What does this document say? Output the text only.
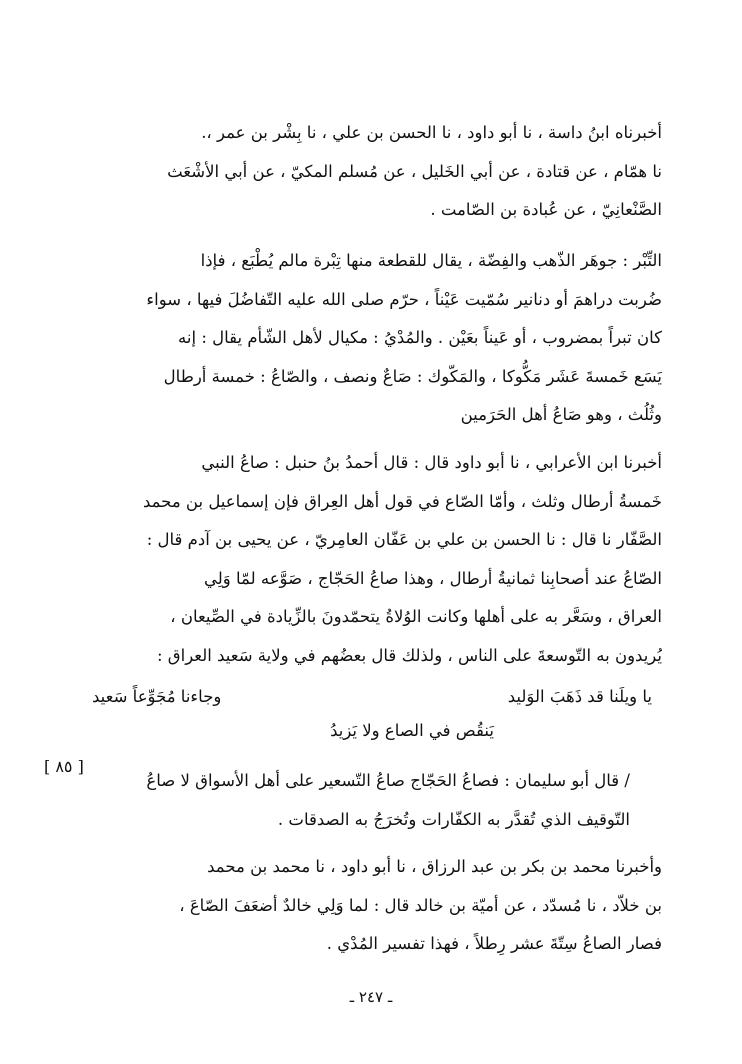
أخبرناه ابنُ داسة ، نا أبو داود ، نا الحسن بن علي ، نا بِشْر بن عمر ،.
نا همّام ، عن قتادة ، عن أبي الخَليل ، عن مُسلم المكيّ ، عن أبي الأشْعَث
الصَّنْعانِيّ ، عن عُبادة بن الصّامت .
التِّبْر : جوهَر الذّهب والفِضّة ، يقال للقطعة منها تِبْرة مالم يُطْبَع ، فإذا
ضُربت دراهمَ أو دنانير سُمّيت عَيْناً ، حرّم صلى الله عليه التّفاضُلَ فيها ، سواء
كان تبراً بمضروب ، أو عَيناً بعَيْن . والمُدْيُ : مكيال لأهل الشّأم يقال : إنه
يَسَع خَمسةَ عَشَر مَكُّوكا ، والمَكّوك : صَاعٌ ونصف ، والصّاعُ : خمسة أرطال
وثُلُث ، وهو صَاعُ أهل الحَرَمين
أخبرنا ابن الأعرابي ، نا أبو داود قال : قال أحمدُ بنُ حنبل : صاعُ النبي
خَمسةُ أرطال وثلث ، وأمّا الصّاع في قول أهل العِراق فإن إسماعيل بن محمد
الصَّفّار نا قال : نا الحسن بن علي بن عَفّان العامِريّ ، عن يحيى بن آدم قال :
الصّاعُ عند أصحابِنا ثمانيةُ أرطال ، وهذا صاعُ الحَجّاج ، صَوَّعه لمّا وَلِي
العراق ، وسَعَّر به على أهلها وكانت الوُلاةُ يتحمّدونَ بالزِّيادة في الصِّيعان ،
يُريدون به التّوسعةَ على الناس ، ولذلك قال بعضُهم في ولاية سَعيد العراق :
يا ويلَنا قد ذَهَبَ الوَليد
وجاءنا مُجَوِّعاً سَعيد
يَنقُص في الصاع ولا يَزيدُ
[ ٨٥ ]
/ قال أبو سليمان : فصاعُ الحَجّاج صاعُ التّسعير على أهل الأسواق لا صاعُ
التّوقيف الذي تُقدَّر به الكفّارات وتُخرَجُ به الصدقات .
وأخبرنا محمد بن بكر بن عبد الرزاق ، نا أبو داود ، نا محمد بن محمد
بن خلاّد ، نا مُسدّد ، عن أميّة بن خالد قال : لما وَلِي خالدٌ أضعَفَ الصّاعَ ،
فصار الصاعُ سِتّةَ عشر رِطلاً ، فهذا تفسير المُدْي .
ـ ٢٤٧ ـ
